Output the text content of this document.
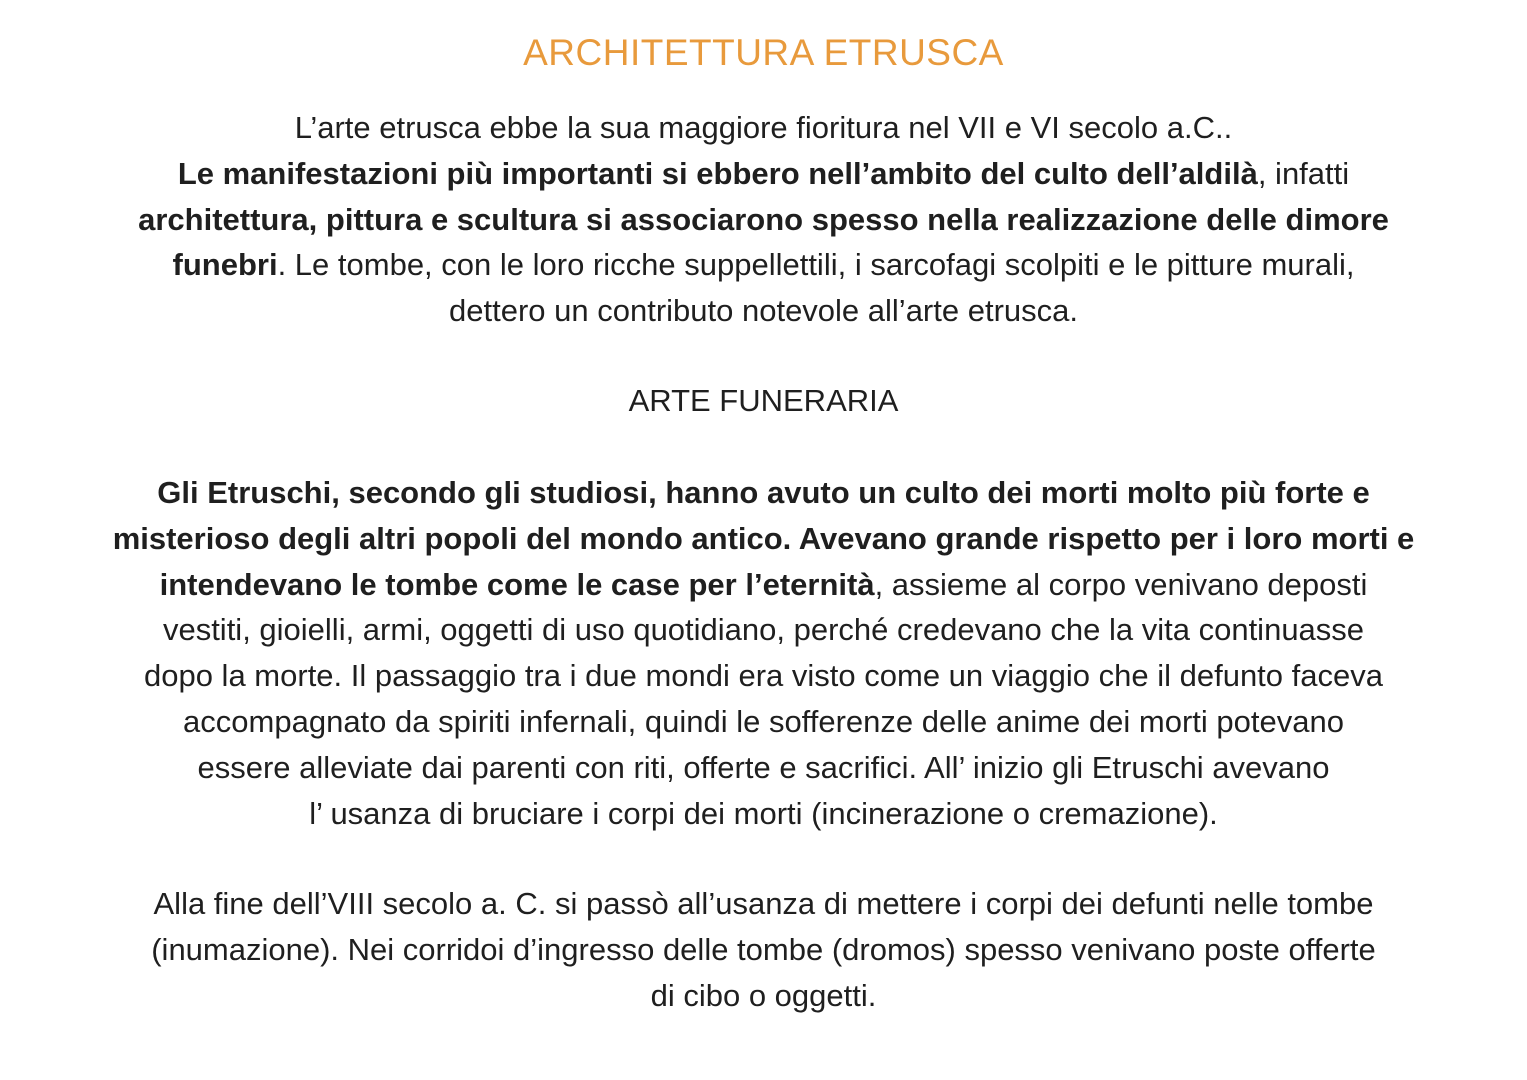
ARCHITETTURA ETRUSCA
L’arte etrusca ebbe la sua maggiore fioritura nel VII e VI secolo a.C..
Le manifestazioni più importanti si ebbero nell’ambito del culto dell’aldilà, infatti
architettura, pittura e scultura si associarono spesso nella realizzazione delle dimore
funebri. Le tombe, con le loro ricche suppellettili, i sarcofagi scolpiti e le pitture murali,
dettero un contributo notevole all’arte etrusca.
ARTE FUNERARIA
Gli Etruschi, secondo gli studiosi, hanno avuto un culto dei morti molto più forte e
misterioso degli altri popoli del mondo antico. Avevano grande rispetto per i loro morti e
intendevano le tombe come le case per l’eternità, assieme al corpo venivano deposti
vestiti, gioielli, armi, oggetti di uso quotidiano, perché credevano che la vita continuasse
dopo la morte. Il passaggio tra i due mondi era visto come un viaggio che il defunto faceva
accompagnato da spiriti infernali, quindi le sofferenze delle anime dei morti potevano
essere alleviate dai parenti con riti, offerte e sacrifici. All’ inizio gli Etruschi avevano
l’ usanza di bruciare i corpi dei morti (incinerazione o cremazione).
Alla fine dell’VIII secolo a. C. si passò all’usanza di mettere i corpi dei defunti nelle tombe
(inumazione). Nei corridoi d’ingresso delle tombe (dromos) spesso venivano poste offerte
di cibo o oggetti.
